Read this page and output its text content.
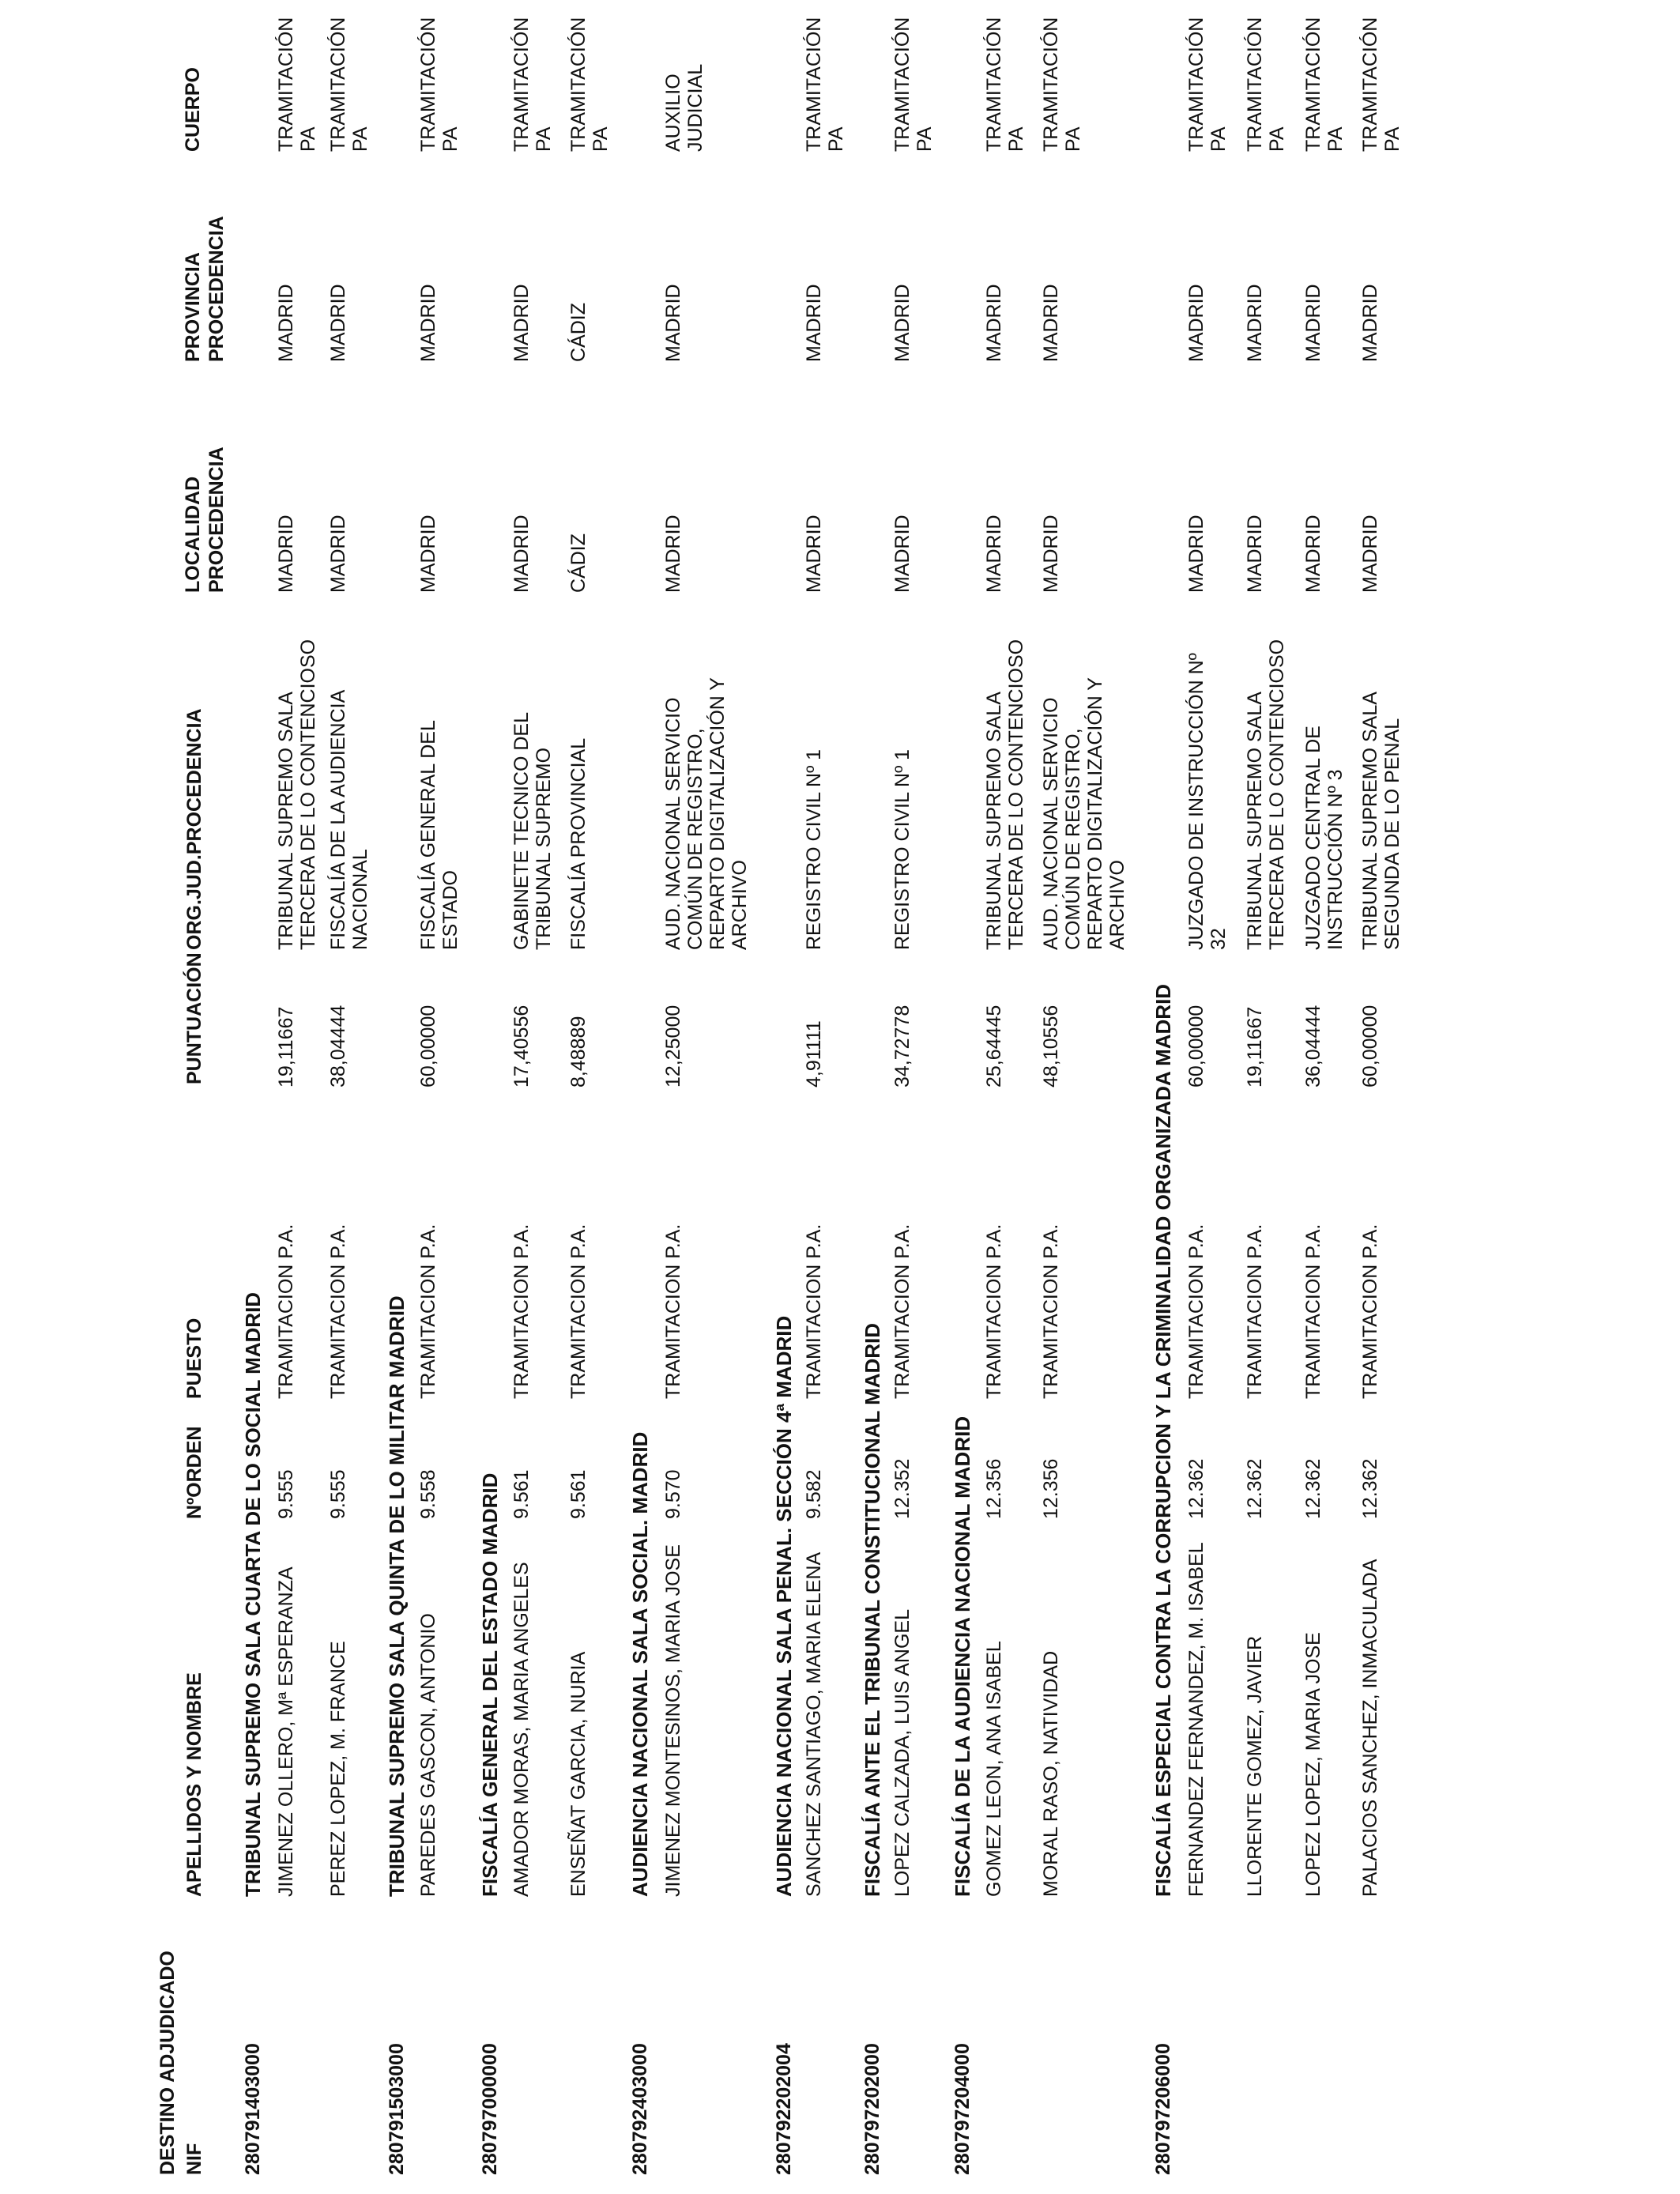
DESTINO ADJUDICADO NIF
APELLIDOS Y NOMBRE
NºORDEN
PUESTO
PUNTUACIÓN
ORG.JUD.PROCEDENCIA
LOCALIDAD PROCEDENCIA
PROVINCIA PROCEDENCIA
CUERPO
280791403000
TRIBUNAL SUPREMO SALA CUARTA DE LO SOCIAL MADRID JIMENEZ OLLERO, Mª ESPERANZA
9.555
TRAMITACION P.A.
19,11667
TRIBUNAL SUPREMO SALA TERCERA DE LO CONTENCIOSO
MADRID
MADRID
TRAMITACIÓN PA
PEREZ LOPEZ, M. FRANCE
9.555
TRAMITACION P.A.
38,04444
FISCALÍA DE LA AUDIENCIA NACIONAL
MADRID
MADRID
TRAMITACIÓN PA
280791503000
TRIBUNAL SUPREMO SALA QUINTA DE LO MILITAR MADRID PAREDES GASCON, ANTONIO
9.558
TRAMITACION P.A.
60,00000
FISCALÍA GENERAL DEL ESTADO
MADRID
MADRID
TRAMITACIÓN PA
280797000000
FISCALÍA GENERAL DEL ESTADO MADRID AMADOR MORAS, MARIA ANGELES
9.561
TRAMITACION P.A.
17,40556
GABINETE TECNICO DEL TRIBUNAL SUPREMO
MADRID
MADRID
TRAMITACIÓN PA
ENSEÑAT GARCIA, NURIA
9.561
TRAMITACION P.A.
8,48889
FISCALÍA PROVINCIAL
CÁDIZ
CÁDIZ
TRAMITACIÓN PA
280792403000
AUDIENCIA NACIONAL SALA SOCIAL. MADRID JIMENEZ MONTESINOS, MARIA JOSE
9.570
TRAMITACION P.A.
12,25000
AUD. NACIONAL SERVICIO COMÚN DE REGISTRO, REPARTO DIGITALIZACIÓN Y ARCHIVO
MADRID
MADRID
AUXILIO JUDICIAL
280792202004
AUDIENCIA NACIONAL SALA PENAL. SECCIÓN 4ª MADRID SANCHEZ SANTIAGO, MARIA ELENA
9.582
TRAMITACION P.A.
4,91111
REGISTRO CIVIL Nº 1
MADRID
MADRID
TRAMITACIÓN PA
280797202000
FISCALÍA ANTE EL TRIBUNAL CONSTITUCIONAL MADRID LOPEZ CALZADA, LUIS ANGEL
12.352
TRAMITACION P.A.
34,72778
REGISTRO CIVIL Nº 1
MADRID
MADRID
TRAMITACIÓN PA
280797204000
FISCALÍA DE LA AUDIENCIA NACIONAL MADRID GOMEZ LEON, ANA ISABEL
12.356
TRAMITACION P.A.
25,64445
TRIBUNAL SUPREMO SALA TERCERA DE LO CONTENCIOSO
MADRID
MADRID
TRAMITACIÓN PA
MORAL RASO, NATIVIDAD
12.356
TRAMITACION P.A.
48,10556
AUD. NACIONAL SERVICIO COMÚN DE REGISTRO, REPARTO DIGITALIZACIÓN Y ARCHIVO
MADRID
MADRID
TRAMITACIÓN PA
280797206000
FISCALÍA ESPECIAL CONTRA LA CORRUPCION Y LA CRIMINALIDAD ORGANIZADA MADRID FERNANDEZ FERNANDEZ, M. ISABEL
12.362
TRAMITACION P.A.
60,00000
JUZGADO DE INSTRUCCIÓN Nº 32
MADRID
MADRID
TRAMITACIÓN PA
LLORENTE GOMEZ, JAVIER
12.362
TRAMITACION P.A.
19,11667
TRIBUNAL SUPREMO SALA TERCERA DE LO CONTENCIOSO
MADRID
MADRID
TRAMITACIÓN PA
LOPEZ LOPEZ, MARIA JOSE
12.362
TRAMITACION P.A.
36,04444
JUZGADO CENTRAL DE INSTRUCCIÓN Nº 3
MADRID
MADRID
TRAMITACIÓN PA
PALACIOS SANCHEZ, INMACULADA
12.362
TRAMITACION P.A.
60,00000
TRIBUNAL SUPREMO SALA SEGUNDA DE LO PENAL
MADRID
MADRID
TRAMITACIÓN PA
